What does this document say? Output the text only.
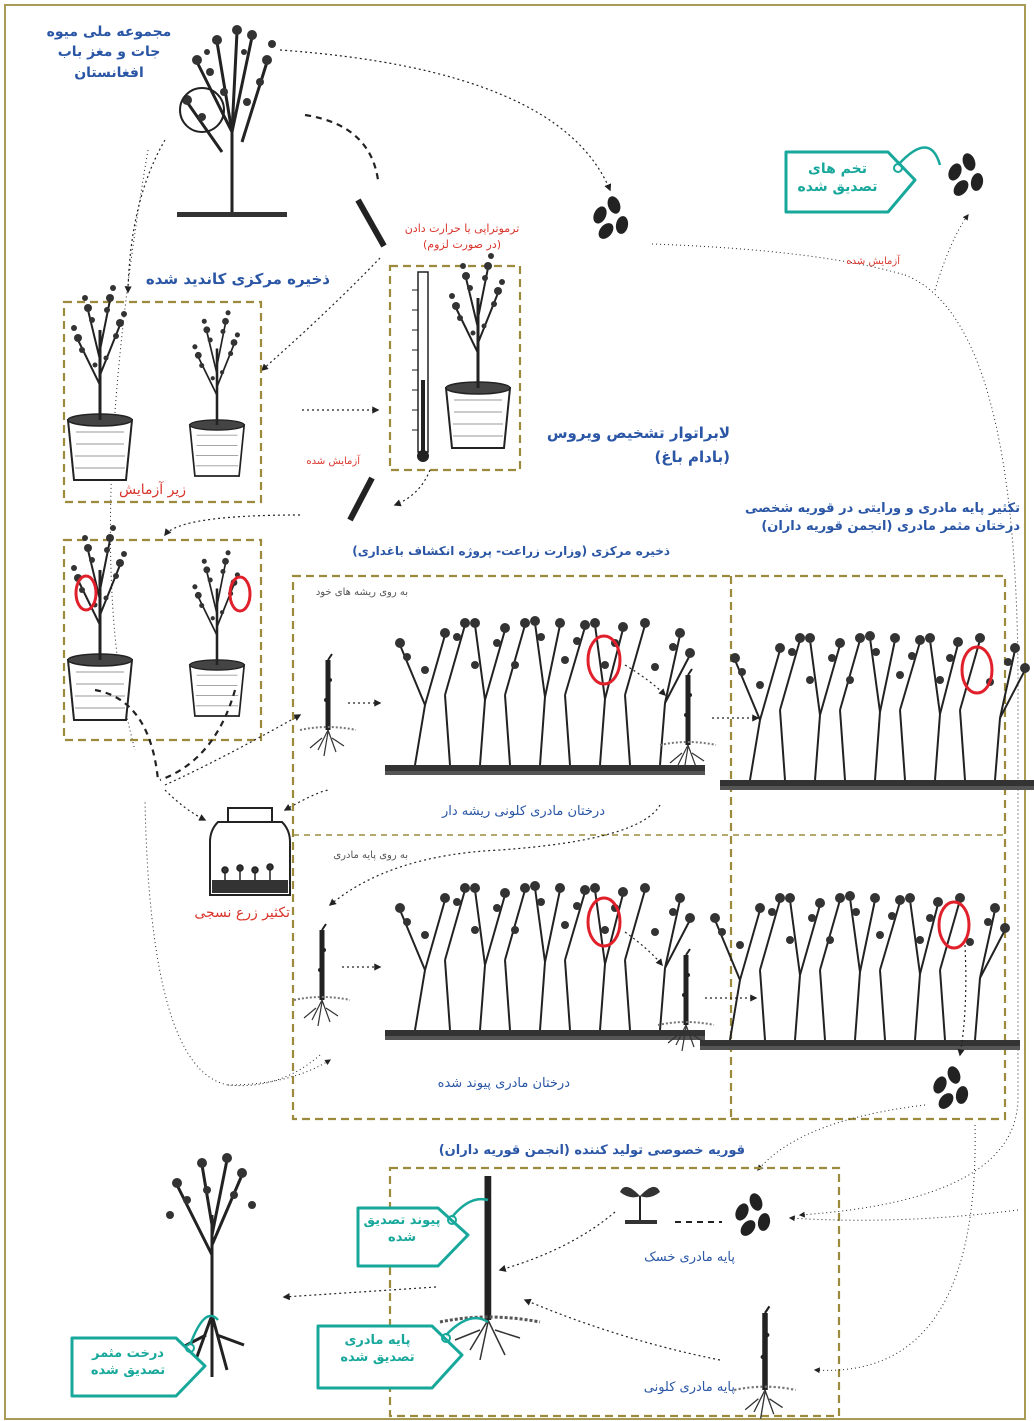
مجموعه ملی میوه جات و مغز باب افغانستان
ذخیره مرکزی کاندید شده
زیر آزمایش
ترموتراپی یا حرارت دادن
(در صورت لزوم)
آزمایش شده
آزمایش شده
لابراتوار تشخیص ویروس
(بادام باغ)
ذخیره مرکزی (وزارت زراعت- پروژه انکشاف باغداری)
تکثیر پایه مادری و ورایتی در قوریه شخصی درختان مثمر مادری (انجمن قوریه داران)
به روی ریشه های خود
به روی پایه مادری
درختان مادری کلونی ریشه دار
درختان مادری پیوند شده
تکثیر زرع نسجی
قوریه خصوصی تولید کننده (انجمن قوریه داران)
پایه مادری خسک
پایه مادری کلونی
تخم های تصدیق شده
پیوند تصدیق شده
پایه مادری تصدیق شده
درخت مثمر تصدیق شده
